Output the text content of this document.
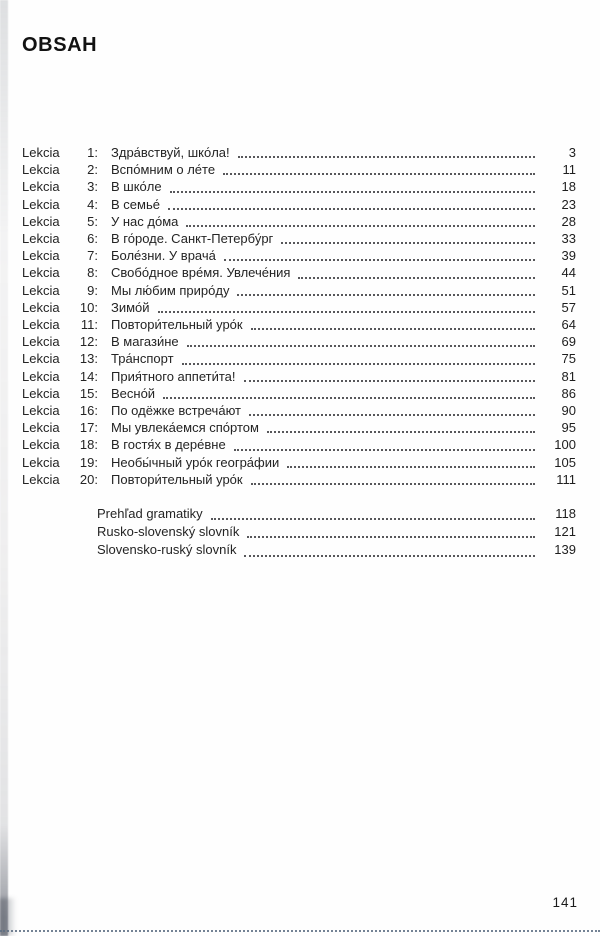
OBSAH
Lekcia	1: Здра́вствуй, шко́ла!	3
Lekcia	2: Вспо́мним о ле́те	11
Lekcia	3: В шко́ле	18
Lekcia	4: В семье́	23
Lekcia	5: У нас до́ма	28
Lekcia	6: В го́роде. Санкт-Петербу́рг	33
Lekcia	7: Боле́зни. У врача́	39
Lekcia	8: Свобо́дное вре́мя. Увлече́ния	44
Lekcia	9: Мы лю́бим приро́ду	51
Lekcia	10: Зимо́й	57
Lekcia	11: Повтори́тельный уро́к	64
Lekcia	12: В магази́не	69
Lekcia	13: Тра́нспорт	75
Lekcia	14: Прия́тного аппети́та!	81
Lekcia	15: Весно́й	86
Lekcia	16: По одёжке встреча́ют	90
Lekcia	17: Мы увлека́емся спо́ртом	95
Lekcia	18: В гостя́х в дере́вне	100
Lekcia	19: Необы́чный уро́к геогра́фии	105
Lekcia	20: Повтори́тельный уро́к	111
Prehľad gramatiky	118
Rusko-slovenský slovník	121
Slovensko-ruský slovník	139
141
